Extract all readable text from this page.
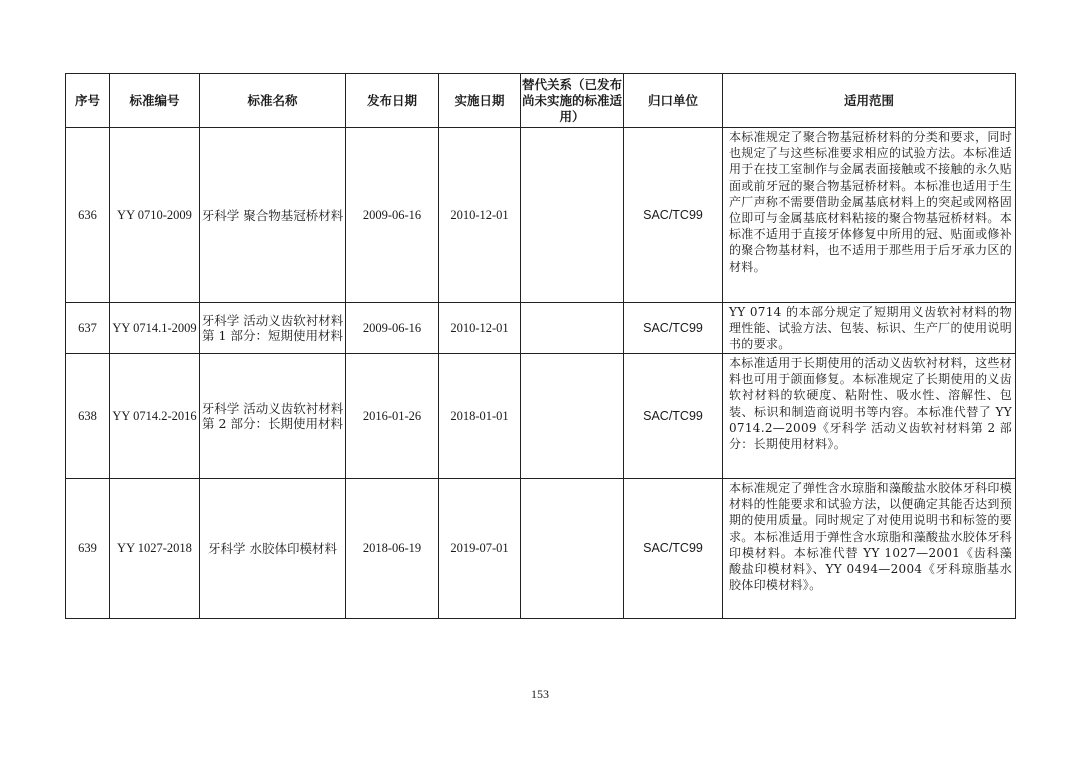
序号	标准编号	标准名称	发布日期	实施日期	替代关系（已发布尚未实施的标准适用）	归口单位	适用范围
636	YY 0710-2009	牙科学 聚合物基冠桥材料	2009-06-16	2010-12-01		SAC/TC99	本标准规定了聚合物基冠桥材料的分类和要求，同时也规定了与这些标准要求相应的试验方法。本标准适用于在技工室制作与金属表面接触或不接触的永久贴面或前牙冠的聚合物基冠桥材料。本标准也适用于生产厂声称不需要借助金属基底材料上的突起或网格固位即可与金属基底材料粘接的聚合物基冠桥材料。本标准不适用于直接牙体修复中所用的冠、贴面或修补的聚合物基材料，也不适用于那些用于后牙承力区的材料。
637	YY 0714.1-2009	牙科学 活动义齿软衬材料第 1 部分：短期使用材料	2009-06-16	2010-12-01		SAC/TC99	YY 0714 的本部分规定了短期用义齿软衬材料的物理性能、试验方法、包装、标识、生产厂的使用说明书的要求。
638	YY 0714.2-2016	牙科学 活动义齿软衬材料第 2 部分：长期使用材料	2016-01-26	2018-01-01		SAC/TC99	本标准适用于长期使用的活动义齿软衬材料，这些材料也可用于颌面修复。本标准规定了长期使用的义齿软衬材料的软硬度、粘附性、吸水性、溶解性、包装、标识和制造商说明书等内容。本标准代替了 YY 0714.2—2009《牙科学 活动义齿软衬材料第 2 部分：长期使用材料》。
639	YY 1027-2018	牙科学 水胶体印模材料	2018-06-19	2019-07-01		SAC/TC99	本标准规定了弹性含水琼脂和藻酸盐水胶体牙科印模材料的性能要求和试验方法，以便确定其能否达到预期的使用质量。同时规定了对使用说明书和标签的要求。本标准适用于弹性含水琼脂和藻酸盐水胶体牙科印模材料。本标准代替 YY 1027—2001《齿科藻酸盐印模材料》、YY 0494—2004《牙科琼脂基水胶体印模材料》。
153
